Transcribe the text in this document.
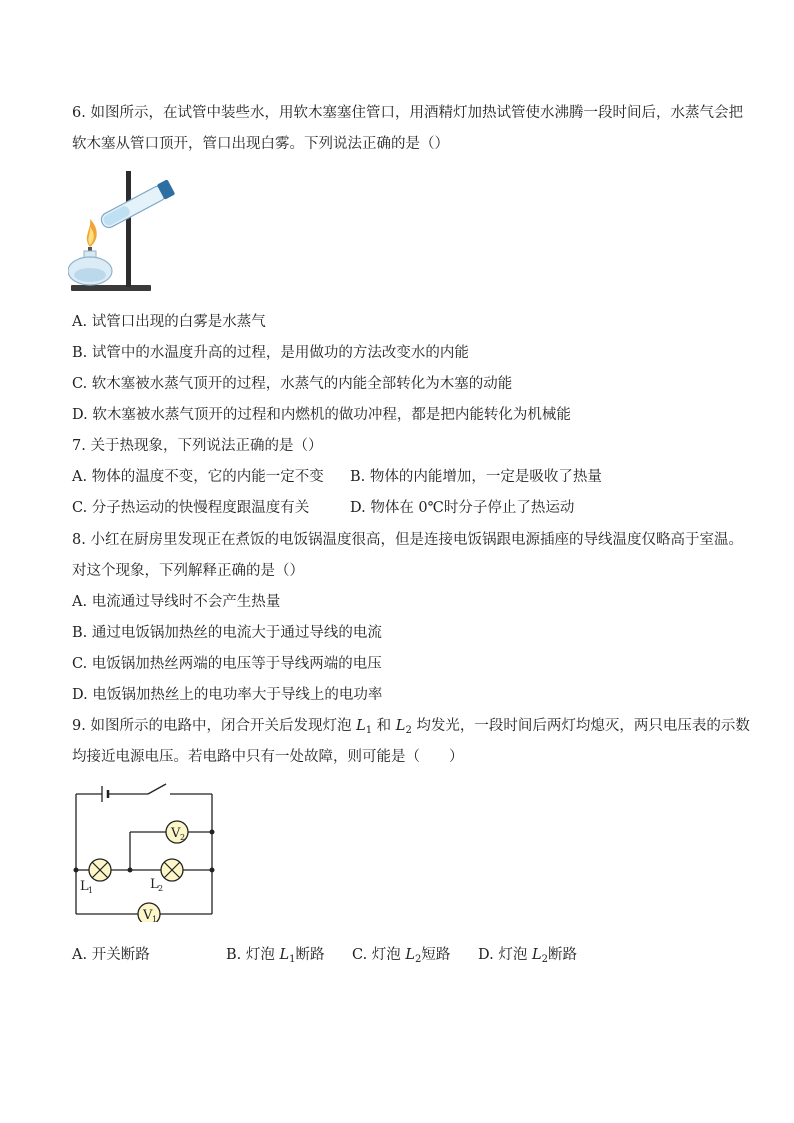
6. 如图所示，在试管中装些水，用软木塞塞住管口，用酒精灯加热试管使水沸腾一段时间后，水蒸气会把
软木塞从管口顶开，管口出现白雾。下列说法正确的是（）
A. 试管口出现的白雾是水蒸气
B. 试管中的水温度升高的过程，是用做功的方法改变水的内能
C. 软木塞被水蒸气顶开的过程，水蒸气的内能全部转化为木塞的动能
D. 软木塞被水蒸气顶开的过程和内燃机的做功冲程，都是把内能转化为机械能
7. 关于热现象，下列说法正确的是（）
A. 物体的温度不变，它的内能一定不变	B. 物体的内能增加，一定是吸收了热量
C. 分子热运动的快慢程度跟温度有关	D. 物体在 0℃时分子停止了热运动
8. 小红在厨房里发现正在煮饭的电饭锅温度很高，但是连接电饭锅跟电源插座的导线温度仅略高于室温。
对这个现象，下列解释正确的是（）
A. 电流通过导线时不会产生热量
B. 通过电饭锅加热丝的电流大于通过导线的电流
C. 电饭锅加热丝两端的电压等于导线两端的电压
D. 电饭锅加热丝上的电功率大于导线上的电功率
9. 如图所示的电路中，闭合开关后发现灯泡 $L_1$ 和 $L_2$ 均发光，一段时间后两灯均熄灭，两只电压表的示数
均接近电源电压。若电路中只有一处故障，则可能是（　　）
V 2
V 1
L 1	L 2
A. 开关断路	B. 灯泡 $L_1$断路	C. 灯泡 $L_2$短路	D. 灯泡 $L_2$断路
